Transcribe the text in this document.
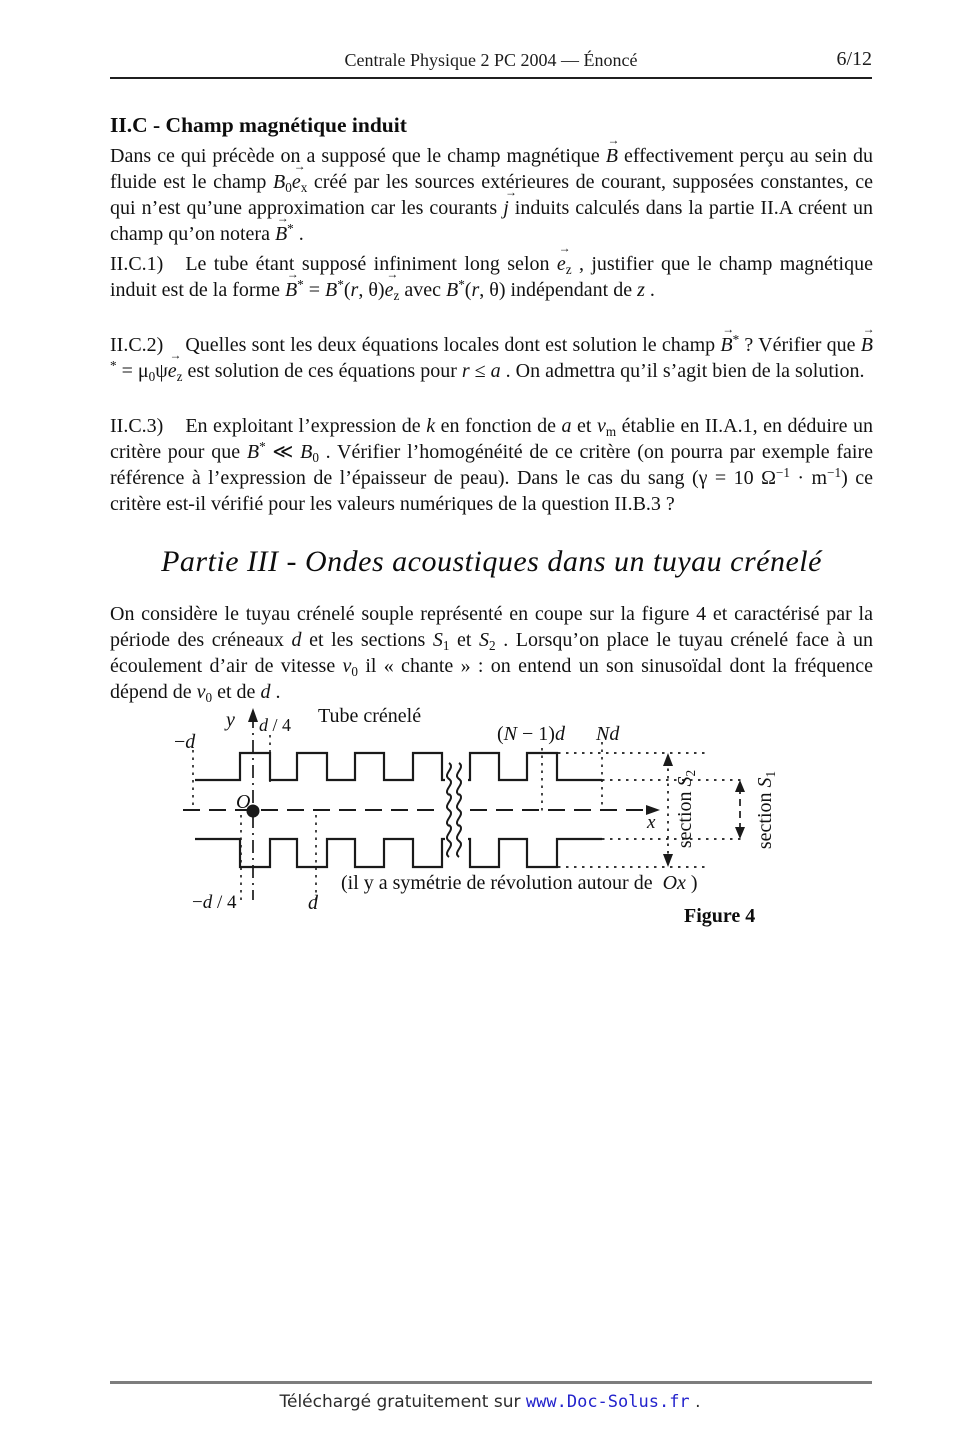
Centrale Physique 2 PC 2004 — Énoncé	6/12
II.C - Champ magnétique induit
Dans ce qui précède on a supposé que le champ magnétique B → effectivement perçu au sein du fluide est le champ $B_0e \to_x$ créé par les sources extérieures de courant, supposées constantes, ce qui n’est qu’une approximation car les courants j → induits calculés dans la partie II.A créent un champ qu’on notera B →* .
II.C.1) Le tube étant supposé infiniment long selon $e \to_z$ , justifier que le champ magnétique induit est de la forme B →* = B*(r, $\theta)e \to_z$ avec B*(r, θ) indépendant de z .
II.C.2) Quelles sont les deux équations locales dont est solution le champ B →* ? Vérifier que $B \to^* = \mu_0\psi e \to_z$ est solution de ces équations pour r ≤ a . On admettra qu’il s’agit bien de la solution.
II.C.3) En exploitant l’expression de k en fonction de a et $v_m$ établie en II.A.1, en déduire un critère pour que B* ≪ $B_0$ . Vérifier l’homogénéité de ce critère (on pourra par exemple faire référence à l’expression de l’épaisseur de peau). Dans le cas du sang (γ = 10 $\Omega^{-1} \cdot m^{-1}$) ce critère est-il vérifié pour les valeurs numériques de la question II.B.3 ?
Partie III - Ondes acoustiques dans un tuyau crénelé
On considère le tuyau crénelé souple représenté en coupe sur la figure 4 et caractérisé par la période des créneaux d et les sections $S_1$ et $S_2$ . Lorsqu’on place le tuyau crénelé face à un écoulement d’air de vitesse $v_0$ il « chante » : on entend un son sinusoïdal dont la fréquence dépend de $v_0$ et de d .
Tube crénelé
y d / 4
−d	(N − 1)d Nd
O
x section $S_2$
section $S_1$
−d / 4	d
(il y a symétrie de révolution autour de  Ox )
Figure 4
Téléchargé gratuitement sur www.Doc-Solus.fr .
